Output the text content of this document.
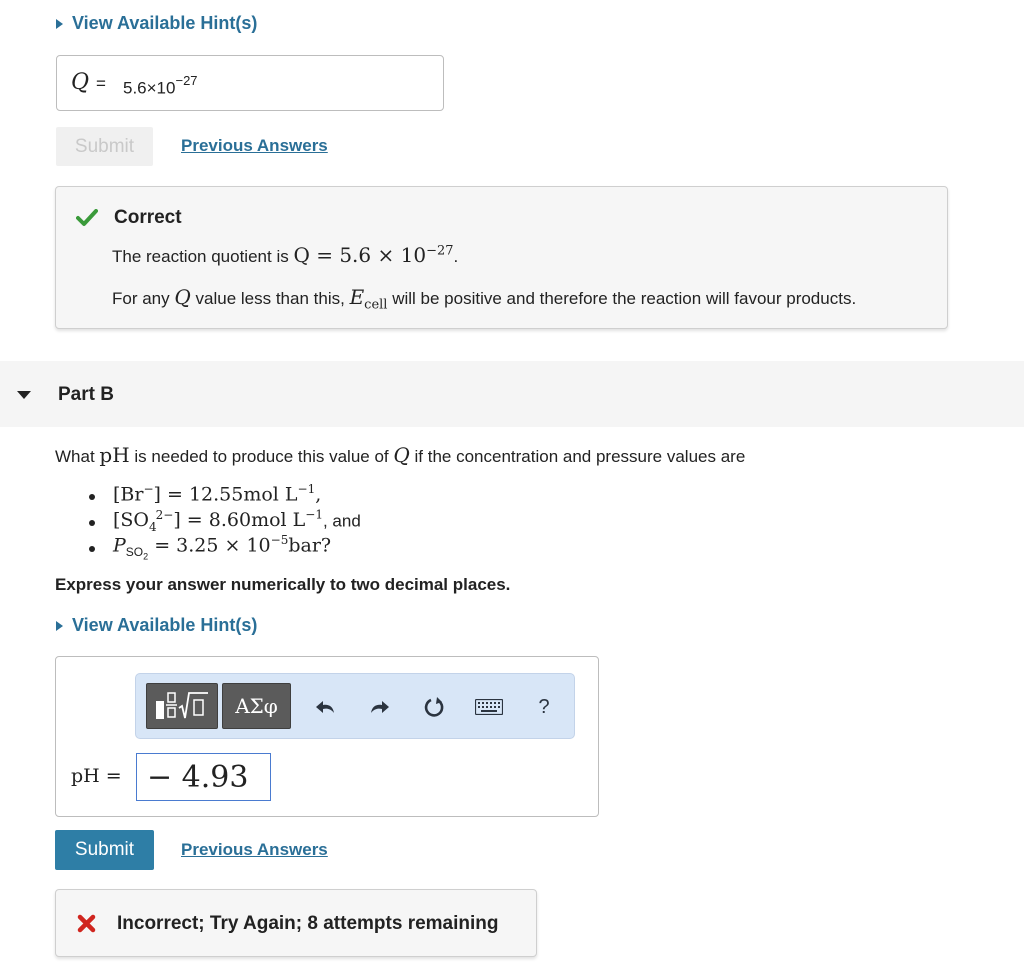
View Available Hint(s)
$Q = 5.6\times 10^{-27}$
Submit	Previous Answers
Correct
The reaction quotient is $Q = 5.6 \times 10^{-27}$.
For any Q value less than this, $E_{cell}$ will be positive and therefore the reaction will favour products.
Part B
What pH is needed to produce this value of Q if the concentration and pressure values are
[Br−] = 12.55mol $L^{-1}$,
$[SO_4^{2-}] = 8.60mol$ $L^{-1}$, and
$P_{SO_2} = 3.25 \times 10^{-5}bar$?
Express your answer numerically to two decimal places.
View Available Hint(s)
ΑΣφ	?
pH = − 4.93
Submit	Previous Answers
Incorrect; Try Again; 8 attempts remaining
